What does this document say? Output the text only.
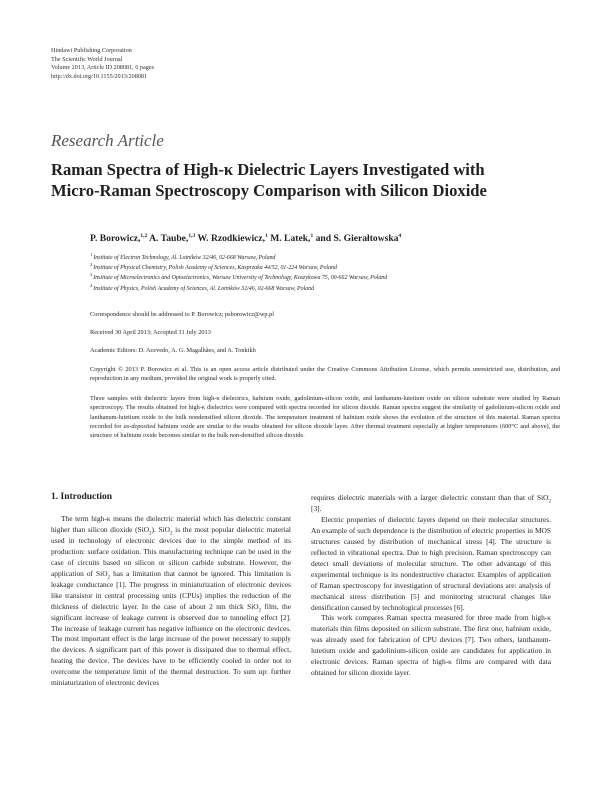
Hindawi Publishing Corporation
The Scientific World Journal
Volume 2013, Article ID 208081, 6 pages
http://dx.doi.org/10.1155/2013/208081
Research Article
Raman Spectra of High-κ Dielectric Layers Investigated with
Micro-Raman Spectroscopy Comparison with Silicon Dioxide
P. Borowicz,$^{1,2}$ A. Taube,$^{1,3}$ W. Rzodkiewicz,$^1$ M. Latek,$^1$ and S. Gierałtowska$^4$
$^1$Institute of Electron Technology, Al. Lotników 32/46, 02-668 Warsaw, Poland
$^2$Institute of Physical Chemistry, Polish Academy of Sciences, Kasprzaka 44/52, 01-224 Warsaw, Poland
$^3$Institute of Microelectronics and Optoelectronics, Warsaw University of Technology, Koszykowa 75, 00-662 Warsaw, Poland
$^4$Institute of Physics, Polish Academy of Sciences, Al. Lotników 32/46, 02-668 Warsaw, Poland
Correspondence should be addressed to P. Borowicz; psborowicz@wp.pl
Received 30 April 2013; Accepted 31 July 2013
Academic Editors: D. Acevedo, A. G. Magalhães, and A. Tonkikh
Copyright © 2013 P. Borowicz et al. This is an open access article distributed under the Creative Commons Attribution License, which permits unrestricted use, distribution, and reproduction in any medium, provided the original work is properly cited.
Three samples with dielectric layers from high-κ dielectrics, hafnium oxide, gadolinium-silicon oxide, and lanthanum-lutetium oxide on silicon substrate were studied by Raman spectroscopy. The results obtained for high-κ dielectrics were compared with spectra recorded for silicon dioxide. Raman spectra suggest the similarity of gadolinium-silicon oxide and lanthanum-lutetium oxide to the bulk nondensified silicon dioxide. The temperature treatment of hafnium oxide shows the evolution of the structure of this material. Raman spectra recorded for as-deposited hafnium oxide are similar to the results obtained for silicon dioxide layer. After thermal treatment especially at higher temperatures (600°C and above), the structure of hafnium oxide becomes similar to the bulk non-densified silicon dioxide.
1. Introduction

The term high-κ means the dielectric material which has dielectric constant higher than silicon dioxide (SiO$_2$). SiO$_2$ is the most popular dielectric material used in technology of electronic devices due to the simple method of its production: surface oxidation. This manufacturing technique can be used in the case of circuits based on silicon or silicon carbide substrate. However, the application of SiO$_2$ has a limitation that cannot be ignored. This limitation is leakage conductance [1]. The progress in miniaturization of electronic devices like transistor in central processing units (CPUs) implies the reduction of the thickness of dielectric layer. In the case of about 2 nm thick SiO$_2$ film, the significant increase of leakage current is observed due to tunneling effect [2]. The increase of leakage current has negative influence on the electronic devices. The most important effect is the large increase of the power necessary to supply the devices. A significant part of this power is dissipated due to thermal effect, heating the device. The devices have to be efficiently cooled in order not to overcome the temperature limit of the thermal destruction. To sum up: further miniaturization of electronic devices

requires dielectric materials with a larger dielectric constant than that of SiO$_2$ [3].

Electric properties of dielectric layers depend on their molecular structures. An example of such dependence is the distribution of electric properties in MOS structures caused by distribution of mechanical stress [4]. The structure is reflected in vibrational spectra. Due to high precision, Raman spectroscopy can detect small deviations of molecular structure. The other advantage of this experimental technique is its nondestructive character. Examples of application of Raman spectroscopy for investigation of structural deviations are: analysis of mechanical stress distribution [5] and monitoring structural changes like densification caused by technological processes [6].

This work compares Raman spectra measured for three made from high-κ materials thin films deposited on silicon substrate. The first one, hafnium oxide, was already used for fabrication of CPU devices [7]. Two others, lanthanum-lutetium oxide and gadolinium-silicon oxide are candidates for application in electronic devices. Raman spectra of high-κ films are compared with data obtained for silicon dioxide layer.
